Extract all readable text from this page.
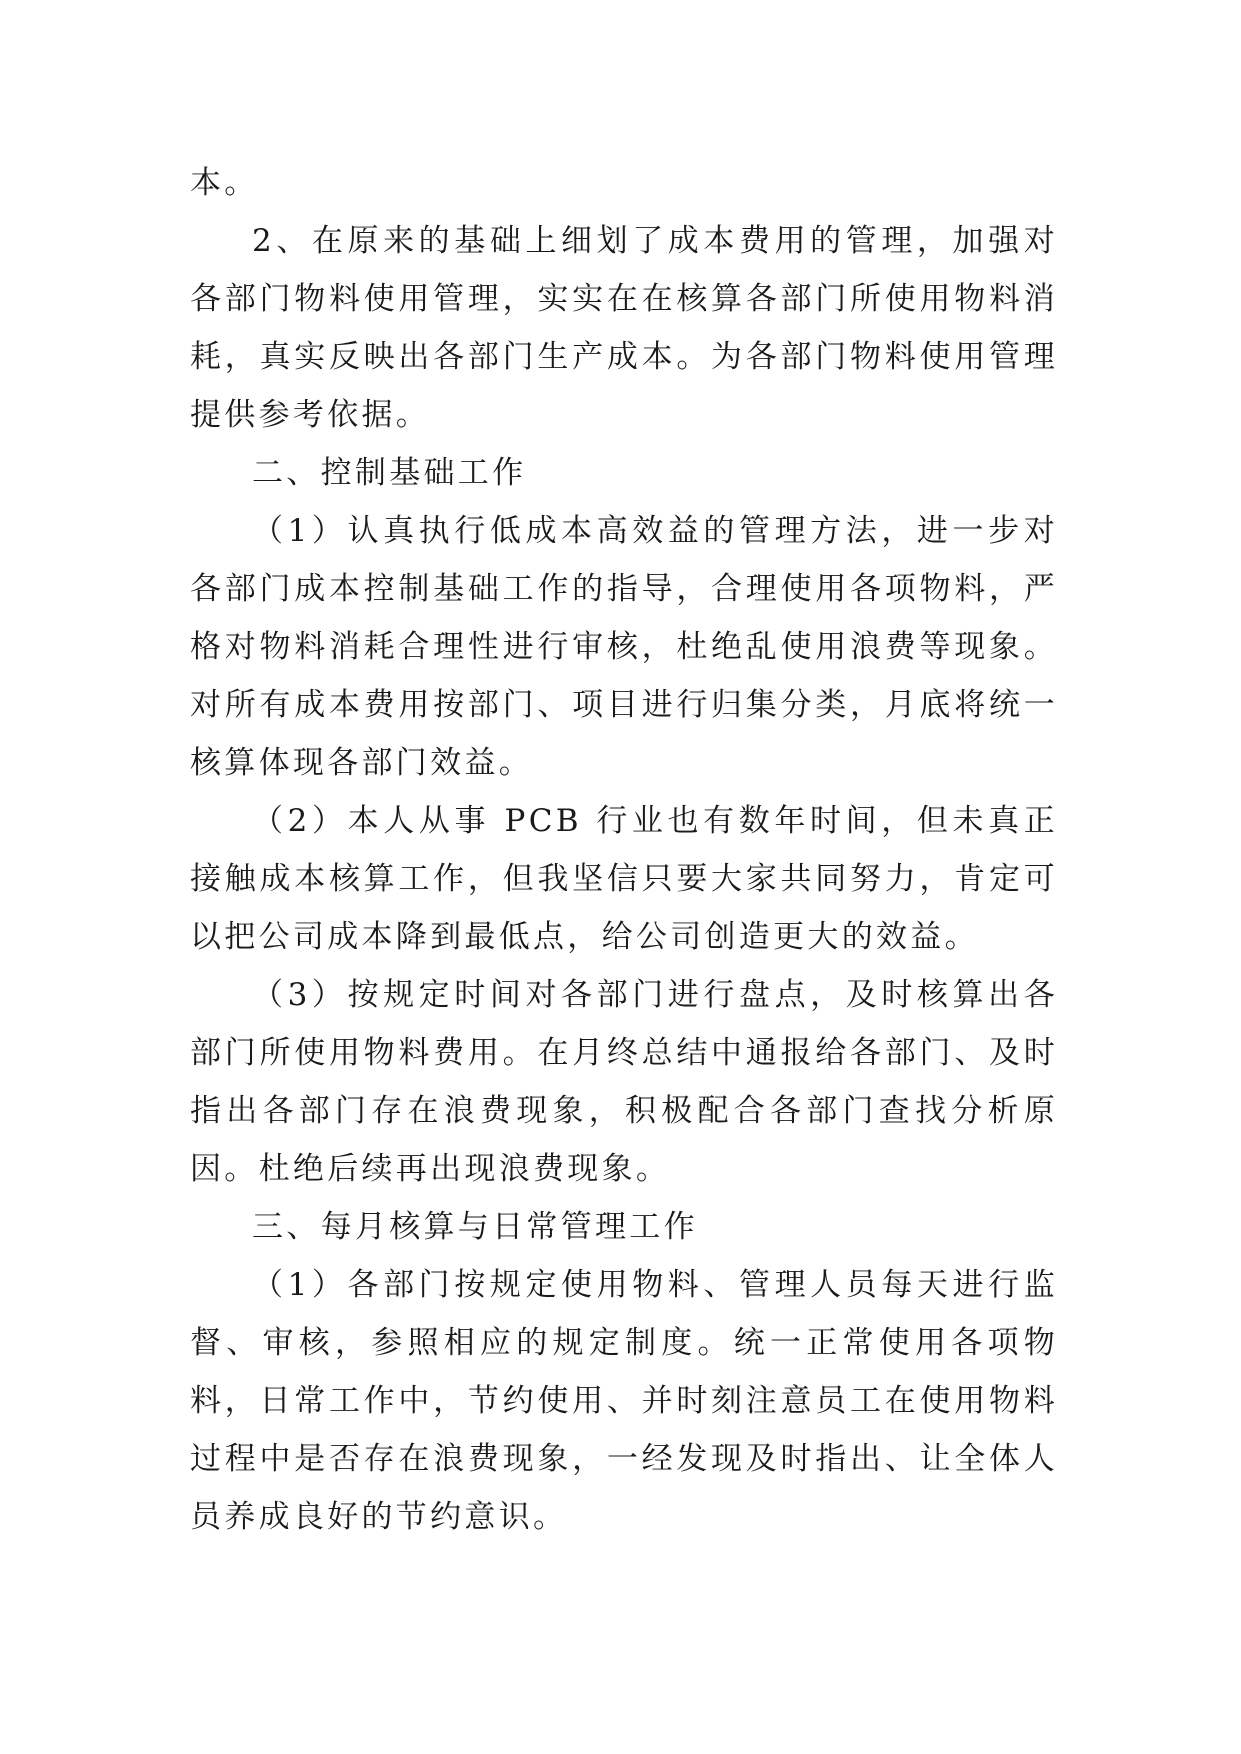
本。

2、在原来的基础上细划了成本费用的管理，加强对各部门物料使用管理，实实在在核算各部门所使用物料消耗，真实反映出各部门生产成本。为各部门物料使用管理提供参考依据。

二、控制基础工作

（1）认真执行低成本高效益的管理方法，进一步对各部门成本控制基础工作的指导，合理使用各项物料，严格对物料消耗合理性进行审核，杜绝乱使用浪费等现象。对所有成本费用按部门、项目进行归集分类，月底将统一核算体现各部门效益。

（2）本人从事 PCB 行业也有数年时间，但未真正接触成本核算工作，但我坚信只要大家共同努力，肯定可以把公司成本降到最低点，给公司创造更大的效益。

（3）按规定时间对各部门进行盘点，及时核算出各部门所使用物料费用。在月终总结中通报给各部门、及时指出各部门存在浪费现象，积极配合各部门查找分析原因。杜绝后续再出现浪费现象。

三、每月核算与日常管理工作

（1）各部门按规定使用物料、管理人员每天进行监督、审核，参照相应的规定制度。统一正常使用各项物料，日常工作中，节约使用、并时刻注意员工在使用物料过程中是否存在浪费现象，一经发现及时指出、让全体人员养成良好的节约意识。
